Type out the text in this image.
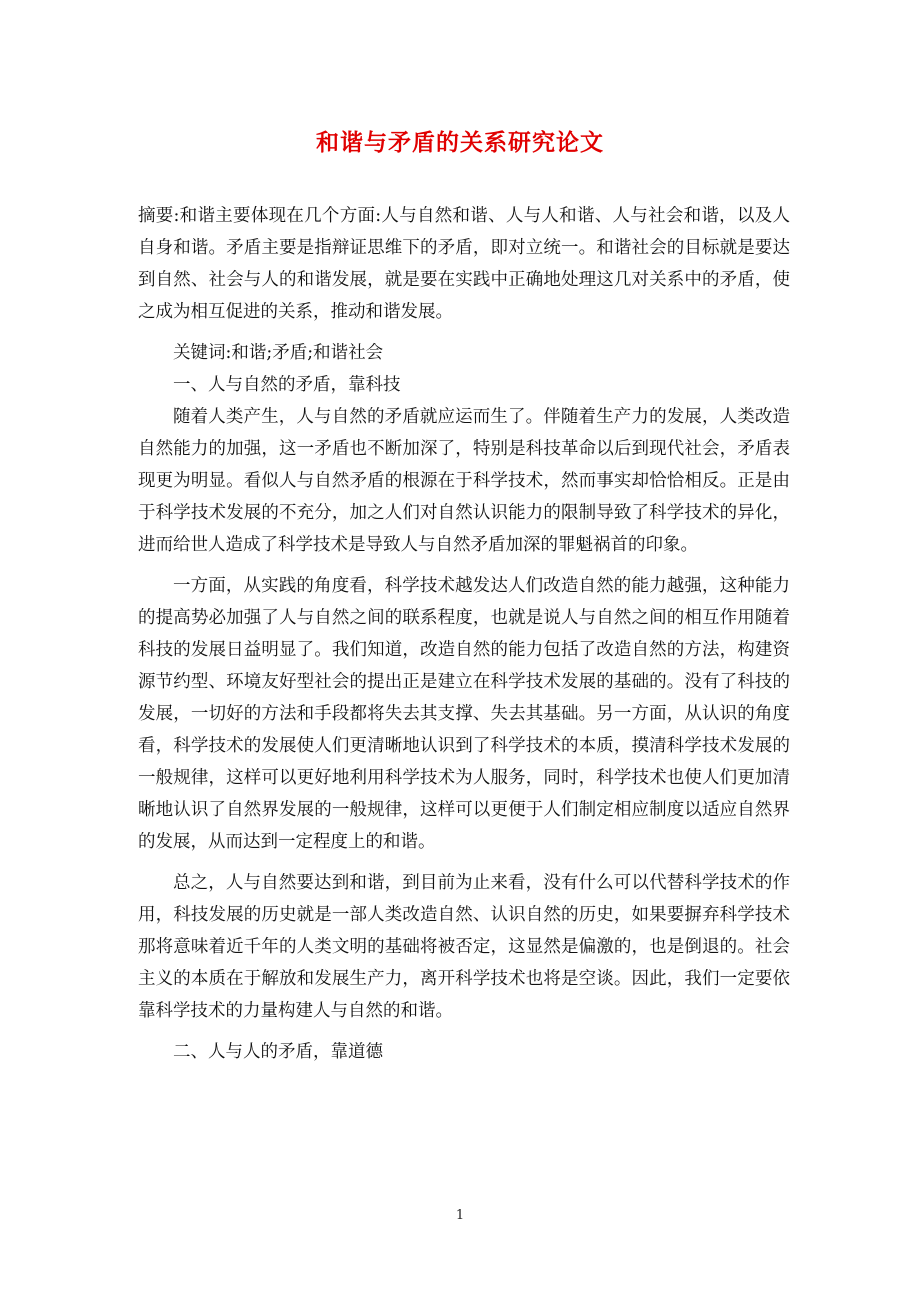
和谐与矛盾的关系研究论文

摘要:和谐主要体现在几个方面:人与自然和谐、人与人和谐、人与社会和谐，以及人自身和谐。矛盾主要是指辩证思维下的矛盾，即对立统一。和谐社会的目标就是要达到自然、社会与人的和谐发展，就是要在实践中正确地处理这几对关系中的矛盾，使之成为相互促进的关系，推动和谐发展。

关键词:和谐;矛盾;和谐社会

一、人与自然的矛盾，靠科技

随着人类产生，人与自然的矛盾就应运而生了。伴随着生产力的发展，人类改造自然能力的加强，这一矛盾也不断加深了，特别是科技革命以后到现代社会，矛盾表现更为明显。看似人与自然矛盾的根源在于科学技术，然而事实却恰恰相反。正是由于科学技术发展的不充分，加之人们对自然认识能力的限制导致了科学技术的异化，进而给世人造成了科学技术是导致人与自然矛盾加深的罪魁祸首的印象。

一方面，从实践的角度看，科学技术越发达人们改造自然的能力越强，这种能力的提高势必加强了人与自然之间的联系程度，也就是说人与自然之间的相互作用随着科技的发展日益明显了。我们知道，改造自然的能力包括了改造自然的方法，构建资源节约型、环境友好型社会的提出正是建立在科学技术发展的基础的。没有了科技的发展，一切好的方法和手段都将失去其支撑、失去其基础。另一方面，从认识的角度看，科学技术的发展使人们更清晰地认识到了科学技术的本质，摸清科学技术发展的一般规律，这样可以更好地利用科学技术为人服务，同时，科学技术也使人们更加清晰地认识了自然界发展的一般规律，这样可以更便于人们制定相应制度以适应自然界的发展，从而达到一定程度上的和谐。

总之，人与自然要达到和谐，到目前为止来看，没有什么可以代替科学技术的作用，科技发展的历史就是一部人类改造自然、认识自然的历史，如果要摒弃科学技术那将意味着近千年的人类文明的基础将被否定，这显然是偏激的，也是倒退的。社会主义的本质在于解放和发展生产力，离开科学技术也将是空谈。因此，我们一定要依靠科学技术的力量构建人与自然的和谐。

二、人与人的矛盾，靠道德

1
